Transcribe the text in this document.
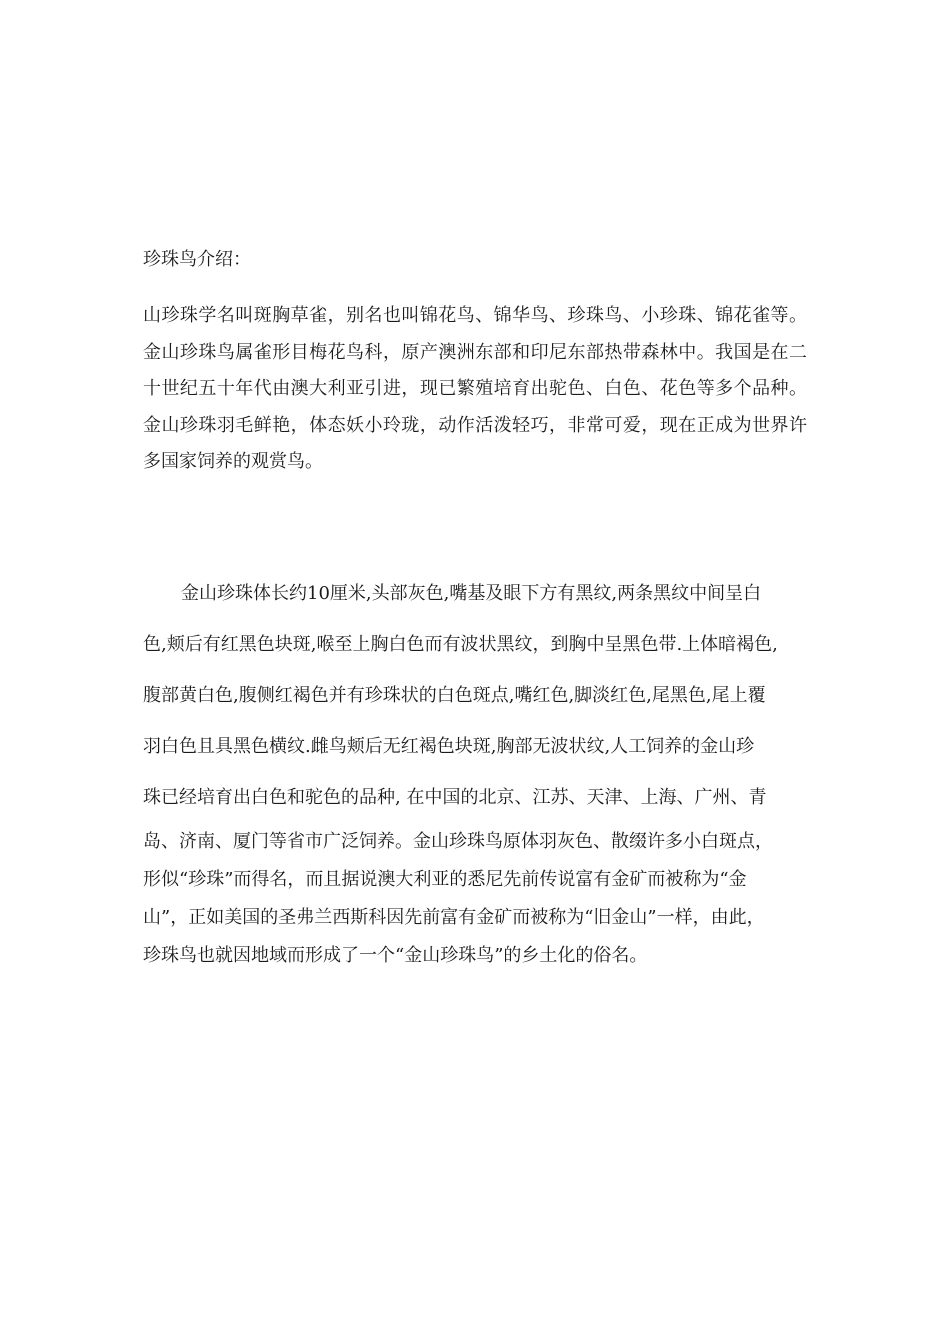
珍珠鸟介绍：

山珍珠学名叫斑胸草雀，别名也叫锦花鸟、锦华鸟、珍珠鸟、小珍珠、锦花雀等。金山珍珠鸟属雀形目梅花鸟科，原产澳洲东部和印尼东部热带森林中。我国是在二十世纪五十年代由澳大利亚引进，现已繁殖培育出驼色、白色、花色等多个品种。金山珍珠羽毛鲜艳，体态妖小玲珑，动作活泼轻巧，非常可爱，现在正成为世界许多国家饲养的观赏鸟。

金山珍珠体长约10厘米,头部灰色,嘴基及眼下方有黑纹,两条黑纹中间呈白
色,颊后有红黑色块斑,喉至上胸白色而有波状黑纹，到胸中呈黑色带.上体暗褐色,
腹部黄白色,腹侧红褐色并有珍珠状的白色斑点,嘴红色,脚淡红色,尾黑色,尾上覆
羽白色且具黑色横纹.雌鸟颊后无红褐色块斑,胸部无波状纹,人工饲养的金山珍
珠已经培育出白色和驼色的品种, 在中国的北京、江苏、天津、上海、广州、青
岛、济南、厦门等省市广泛饲养。金山珍珠鸟原体羽灰色、散缀许多小白斑点，
形似“珍珠”而得名，而且据说澳大利亚的悉尼先前传说富有金矿而被称为“金
山”，正如美国的圣弗兰西斯科因先前富有金矿而被称为“旧金山”一样，由此，
珍珠鸟也就因地域而形成了一个“金山珍珠鸟”的乡土化的俗名。
